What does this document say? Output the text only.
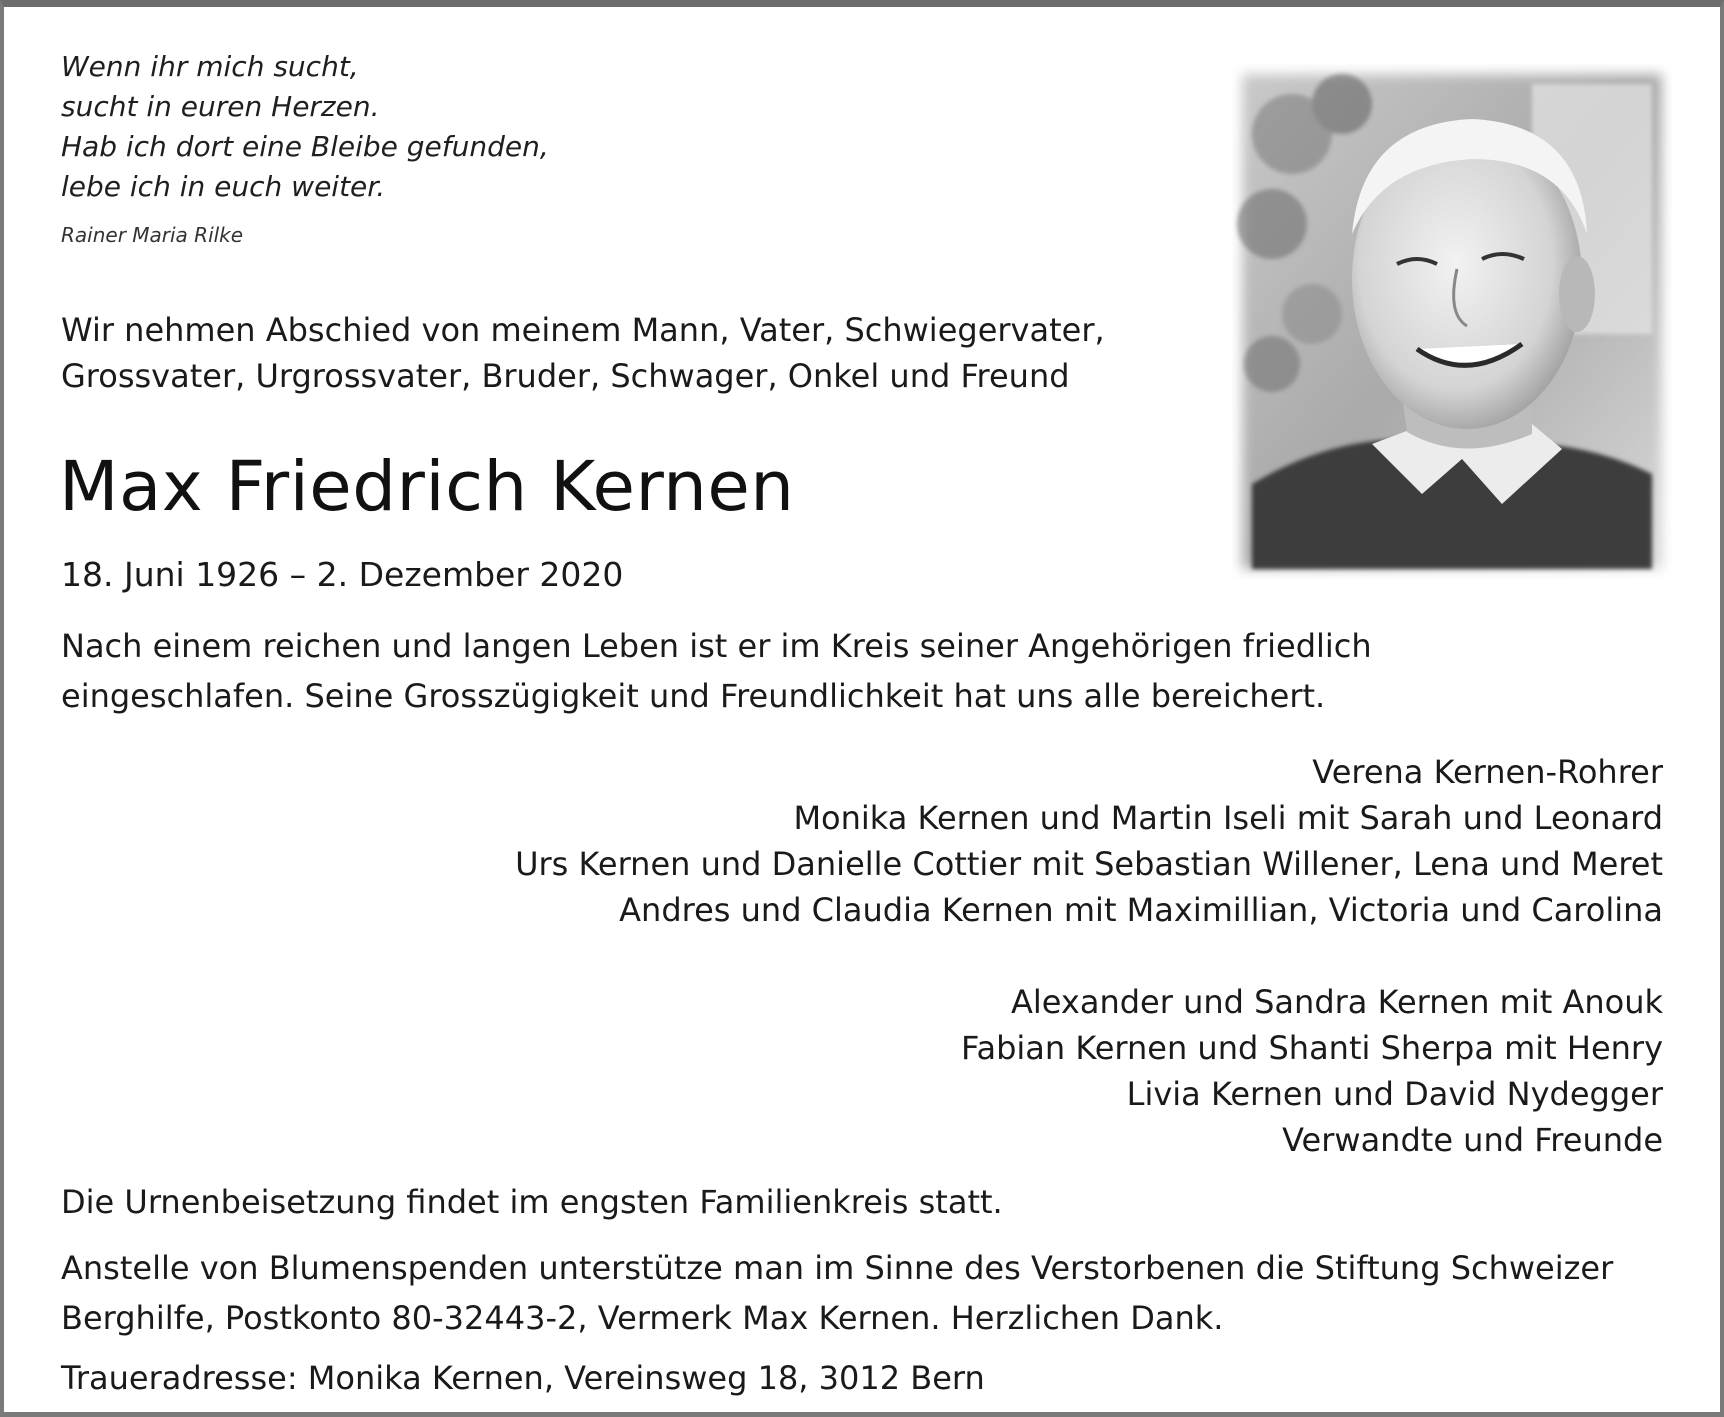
Wenn ihr mich sucht,
sucht in euren Herzen.
Hab ich dort eine Bleibe gefunden,
lebe ich in euch weiter.
Rainer Maria Rilke
Wir nehmen Abschied von meinem Mann, Vater, Schwiegervater,
Grossvater, Urgrossvater, Bruder, Schwager, Onkel und Freund
Max Friedrich Kernen
18. Juni 1926 – 2. Dezember 2020
Nach einem reichen und langen Leben ist er im Kreis seiner Angehörigen friedlich
eingeschlafen. Seine Grosszügigkeit und Freundlichkeit hat uns alle bereichert.
Verena Kernen-Rohrer
Monika Kernen und Martin Iseli mit Sarah und Leonard
Urs Kernen und Danielle Cottier mit Sebastian Willener, Lena und Meret
Andres und Claudia Kernen mit Maximillian, Victoria und Carolina
Alexander und Sandra Kernen mit Anouk
Fabian Kernen und Shanti Sherpa mit Henry
Livia Kernen und David Nydegger
Verwandte und Freunde
Die Urnenbeisetzung findet im engsten Familienkreis statt.
Anstelle von Blumenspenden unterstütze man im Sinne des Verstorbenen die Stiftung Schweizer
Berghilfe, Postkonto 80-32443-2, Vermerk Max Kernen. Herzlichen Dank.
Traueradresse: Monika Kernen, Vereinsweg 18, 3012 Bern
